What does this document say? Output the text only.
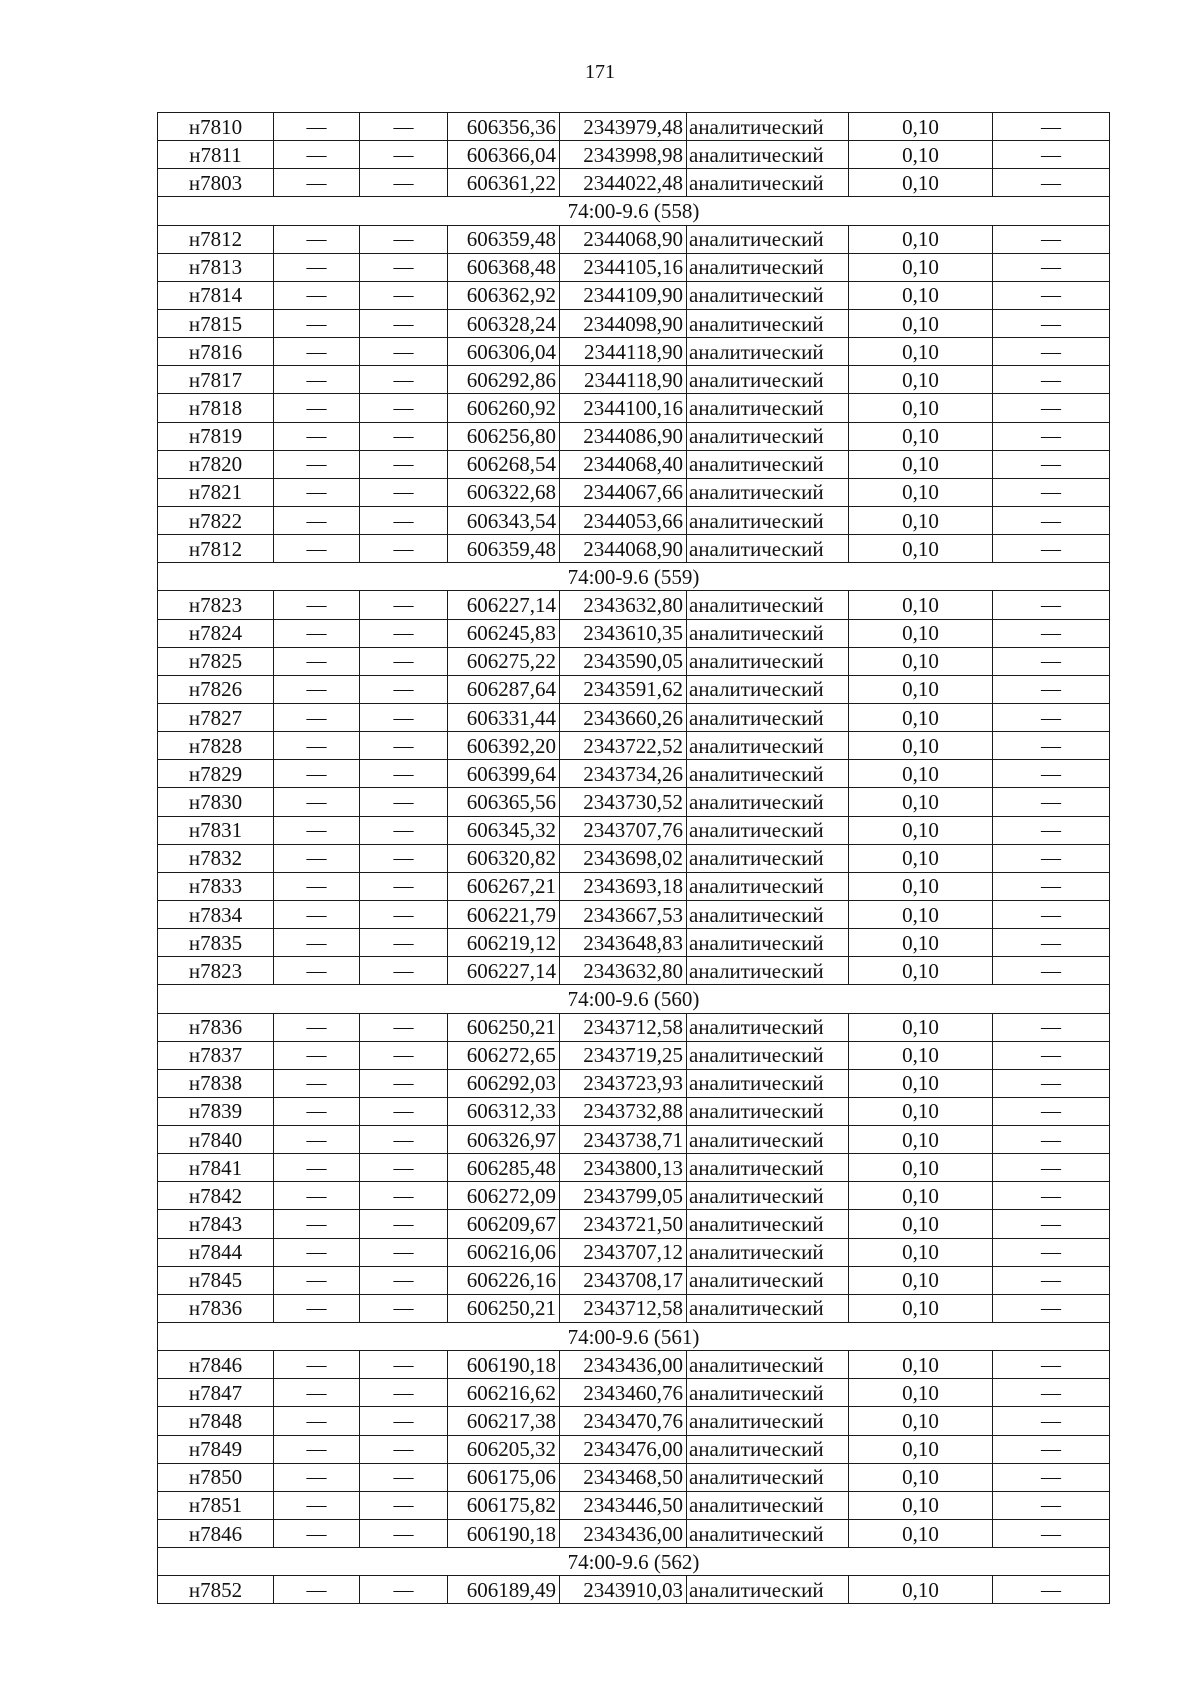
171
н7810	—	—	606356,36	2343979,48	аналитический	0,10	—
н7811	—	—	606366,04	2343998,98	аналитический	0,10	—
н7803	—	—	606361,22	2344022,48	аналитический	0,10	—
74:00-9.6 (558)							
н7812	—	—	606359,48	2344068,90	аналитический	0,10	—
н7813	—	—	606368,48	2344105,16	аналитический	0,10	—
н7814	—	—	606362,92	2344109,90	аналитический	0,10	—
н7815	—	—	606328,24	2344098,90	аналитический	0,10	—
н7816	—	—	606306,04	2344118,90	аналитический	0,10	—
н7817	—	—	606292,86	2344118,90	аналитический	0,10	—
н7818	—	—	606260,92	2344100,16	аналитический	0,10	—
н7819	—	—	606256,80	2344086,90	аналитический	0,10	—
н7820	—	—	606268,54	2344068,40	аналитический	0,10	—
н7821	—	—	606322,68	2344067,66	аналитический	0,10	—
н7822	—	—	606343,54	2344053,66	аналитический	0,10	—
н7812	—	—	606359,48	2344068,90	аналитический	0,10	—
74:00-9.6 (559)							
н7823	—	—	606227,14	2343632,80	аналитический	0,10	—
н7824	—	—	606245,83	2343610,35	аналитический	0,10	—
н7825	—	—	606275,22	2343590,05	аналитический	0,10	—
н7826	—	—	606287,64	2343591,62	аналитический	0,10	—
н7827	—	—	606331,44	2343660,26	аналитический	0,10	—
н7828	—	—	606392,20	2343722,52	аналитический	0,10	—
н7829	—	—	606399,64	2343734,26	аналитический	0,10	—
н7830	—	—	606365,56	2343730,52	аналитический	0,10	—
н7831	—	—	606345,32	2343707,76	аналитический	0,10	—
н7832	—	—	606320,82	2343698,02	аналитический	0,10	—
н7833	—	—	606267,21	2343693,18	аналитический	0,10	—
н7834	—	—	606221,79	2343667,53	аналитический	0,10	—
н7835	—	—	606219,12	2343648,83	аналитический	0,10	—
н7823	—	—	606227,14	2343632,80	аналитический	0,10	—
74:00-9.6 (560)							
н7836	—	—	606250,21	2343712,58	аналитический	0,10	—
н7837	—	—	606272,65	2343719,25	аналитический	0,10	—
н7838	—	—	606292,03	2343723,93	аналитический	0,10	—
н7839	—	—	606312,33	2343732,88	аналитический	0,10	—
н7840	—	—	606326,97	2343738,71	аналитический	0,10	—
н7841	—	—	606285,48	2343800,13	аналитический	0,10	—
н7842	—	—	606272,09	2343799,05	аналитический	0,10	—
н7843	—	—	606209,67	2343721,50	аналитический	0,10	—
н7844	—	—	606216,06	2343707,12	аналитический	0,10	—
н7845	—	—	606226,16	2343708,17	аналитический	0,10	—
н7836	—	—	606250,21	2343712,58	аналитический	0,10	—
74:00-9.6 (561)							
н7846	—	—	606190,18	2343436,00	аналитический	0,10	—
н7847	—	—	606216,62	2343460,76	аналитический	0,10	—
н7848	—	—	606217,38	2343470,76	аналитический	0,10	—
н7849	—	—	606205,32	2343476,00	аналитический	0,10	—
н7850	—	—	606175,06	2343468,50	аналитический	0,10	—
н7851	—	—	606175,82	2343446,50	аналитический	0,10	—
н7846	—	—	606190,18	2343436,00	аналитический	0,10	—
74:00-9.6 (562)							
н7852	—	—	606189,49	2343910,03	аналитический	0,10	—
